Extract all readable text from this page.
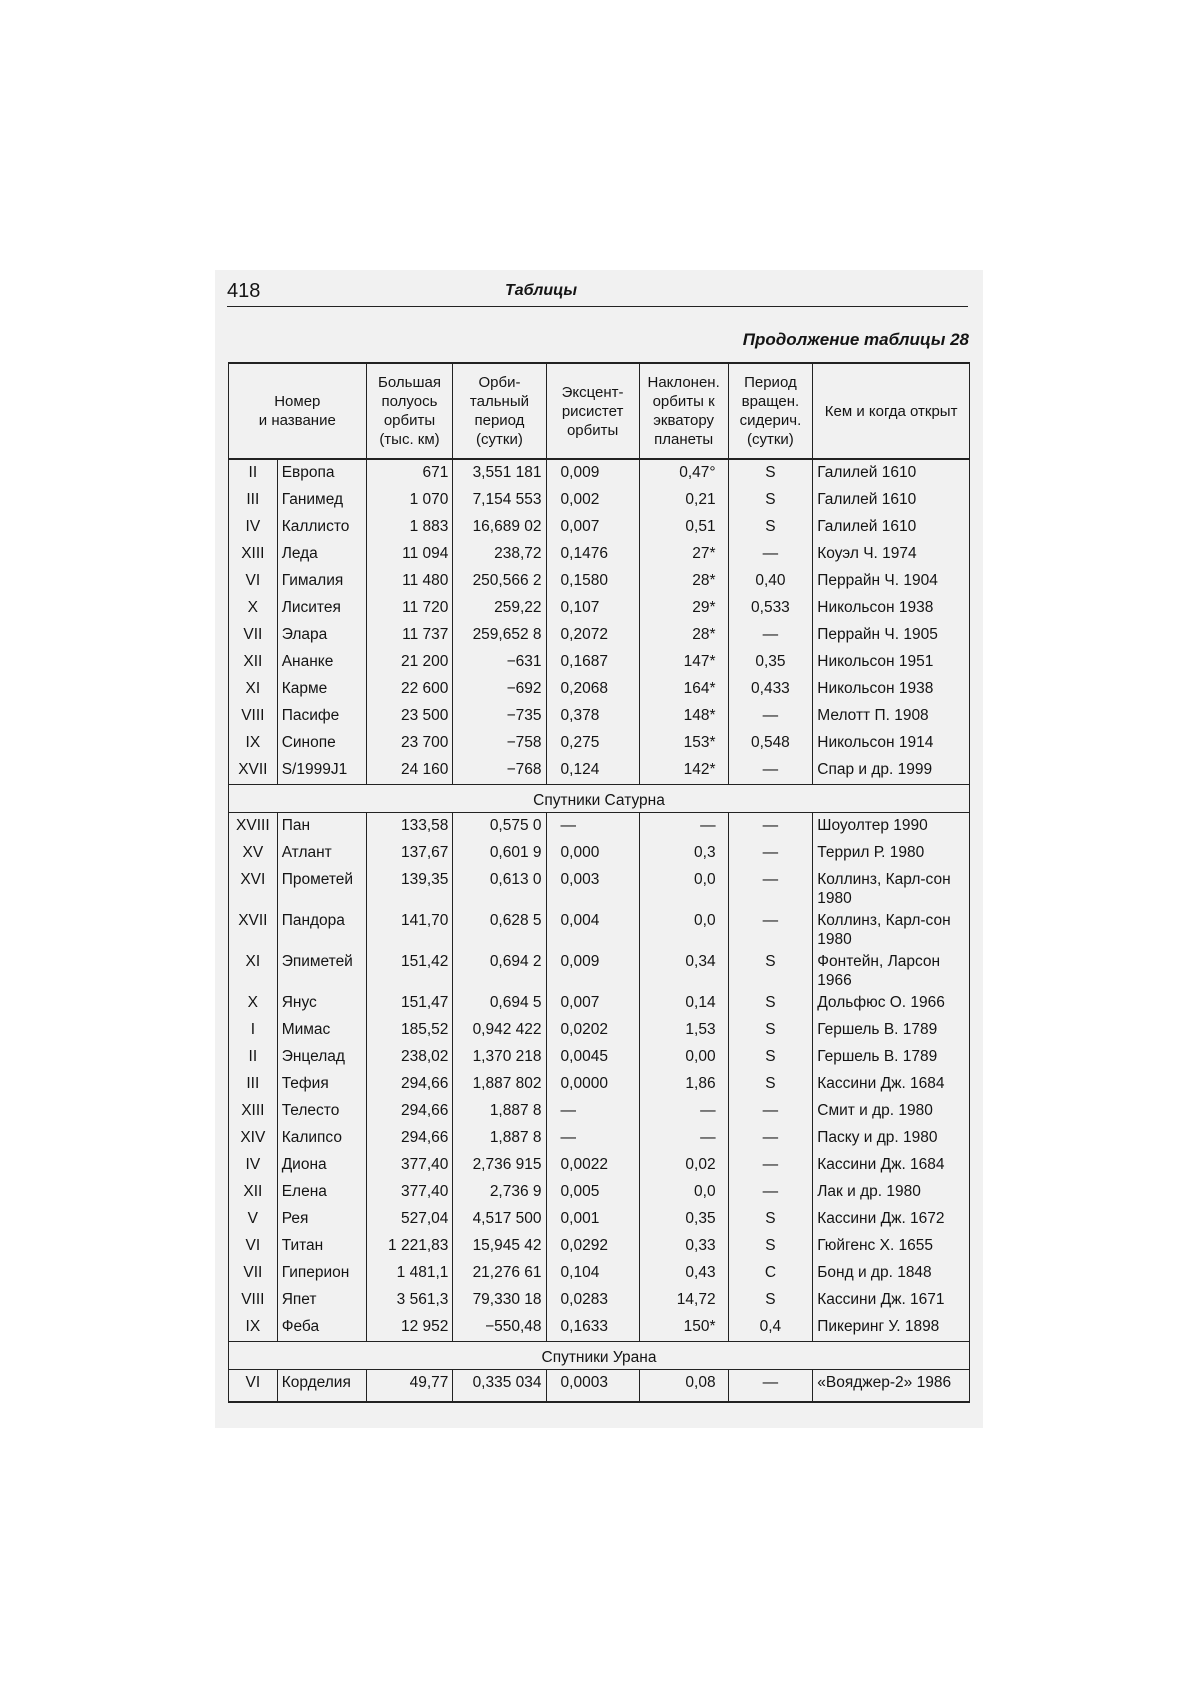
418	Таблицы
Продолжение таблицы 28
Номер
и название		Большая полуось орбиты (тыс. км)	Орби-тальный период (сутки)	Эксцент-рисистет орбиты	Наклонен. орбиты к экватору планеты	Период вращен. сидерич. (сутки)	Кем и когда открыт
II	Европа	671	3,551 181	0,009	0,47°	S	Галилей 1610
III	Ганимед	1 070	7,154 553	0,002	0,21	S	Галилей 1610
IV	Каллисто	1 883	16,689 02	0,007	0,51	S	Галилей 1610
XIII	Леда	11 094	238,72	0,1476	27*	—	Коуэл Ч. 1974
VI	Гималия	11 480	250,566 2	0,1580	28*	0,40	Перрайн Ч. 1904
X	Лиситея	11 720	259,22	0,107	29*	0,533	Никольсон 1938
VII	Элара	11 737	259,652 8	0,2072	28*	—	Перрайн Ч. 1905
XII	Ананке	21 200	−631	0,1687	147*	0,35	Никольсон 1951
XI	Карме	22 600	−692	0,2068	164*	0,433	Никольсон 1938
VIII	Пасифе	23 500	−735	0,378	148*	—	Мелотт П. 1908
IX	Синопе	23 700	−758	0,275	153*	0,548	Никольсон 1914
XVII	S/1999J1	24 160	−768	0,124	142*	—	Спар и др. 1999
Спутники Сатурна							
XVIII	Пан	133,58	0,575 0	—	—	—	Шоуолтер 1990
XV	Атлант	137,67	0,601 9	0,000	0,3	—	Террил Р. 1980
XVI	Прометей	139,35	0,613 0	0,003	0,0	—	Коллинз, Карл-сон 1980
XVII	Пандора	141,70	0,628 5	0,004	0,0	—	Коллинз, Карл-сон 1980
XI	Эпиметей	151,42	0,694 2	0,009	0,34	S	Фонтейн, Ларсон 1966
X	Янус	151,47	0,694 5	0,007	0,14	S	Дольфюс О. 1966
I	Мимас	185,52	0,942 422	0,0202	1,53	S	Гершель В. 1789
II	Энцелад	238,02	1,370 218	0,0045	0,00	S	Гершель В. 1789
III	Тефия	294,66	1,887 802	0,0000	1,86	S	Кассини Дж. 1684
XIII	Телесто	294,66	1,887 8	—	—	—	Смит и др. 1980
XIV	Калипсо	294,66	1,887 8	—	—	—	Паску и др. 1980
IV	Диона	377,40	2,736 915	0,0022	0,02	—	Кассини Дж. 1684
XII	Елена	377,40	2,736 9	0,005	0,0	—	Лак и др. 1980
V	Рея	527,04	4,517 500	0,001	0,35	S	Кассини Дж. 1672
VI	Титан	1 221,83	15,945 42	0,0292	0,33	S	Гюйгенс Х. 1655
VII	Гиперион	1 481,1	21,276 61	0,104	0,43	C	Бонд и др. 1848
VIII	Япет	3 561,3	79,330 18	0,0283	14,72	S	Кассини Дж. 1671
IX	Феба	12 952	−550,48	0,1633	150*	0,4	Пикеринг У. 1898
Спутники Урана							
VI	Корделия	49,77	0,335 034	0,0003	0,08	—	«Вояджер-2» 1986
